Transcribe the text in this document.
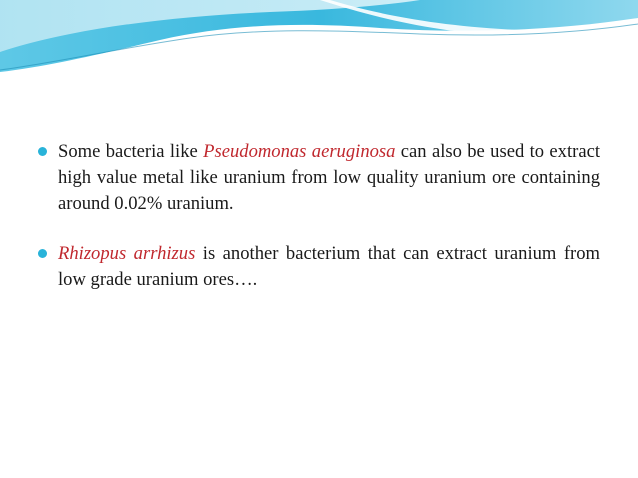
Some bacteria like Pseudomonas aeruginosa can also be used to extract high value metal like uranium from low quality uranium ore containing around 0.02% uranium.
Rhizopus arrhizus is another bacterium that can extract uranium from low grade uranium ores….
